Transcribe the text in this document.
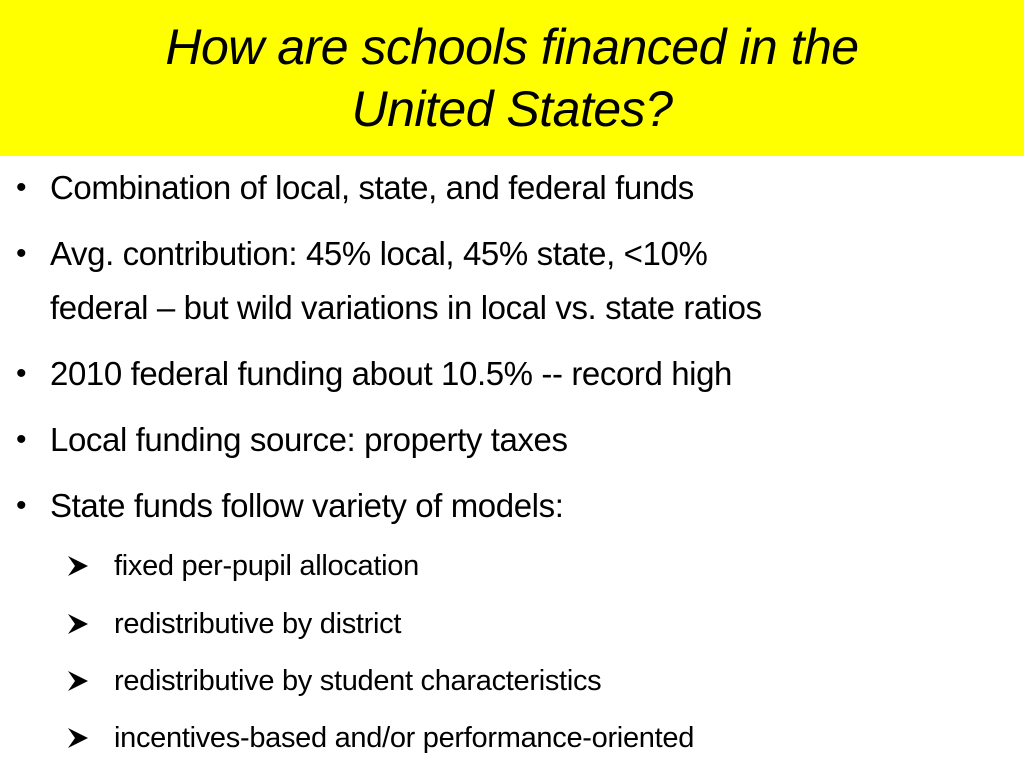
How are schools financed in the
United States?
• Combination of local, state, and federal funds
• Avg. contribution: 45% local, 45% state, <10%
federal – but wild variations in local vs. state ratios
• 2010 federal funding about 10.5% -- record high
• Local funding source: property taxes
• State funds follow variety of models:
fixed per-pupil allocation
redistributive by district
redistributive by student characteristics
incentives-based and/or performance-oriented
